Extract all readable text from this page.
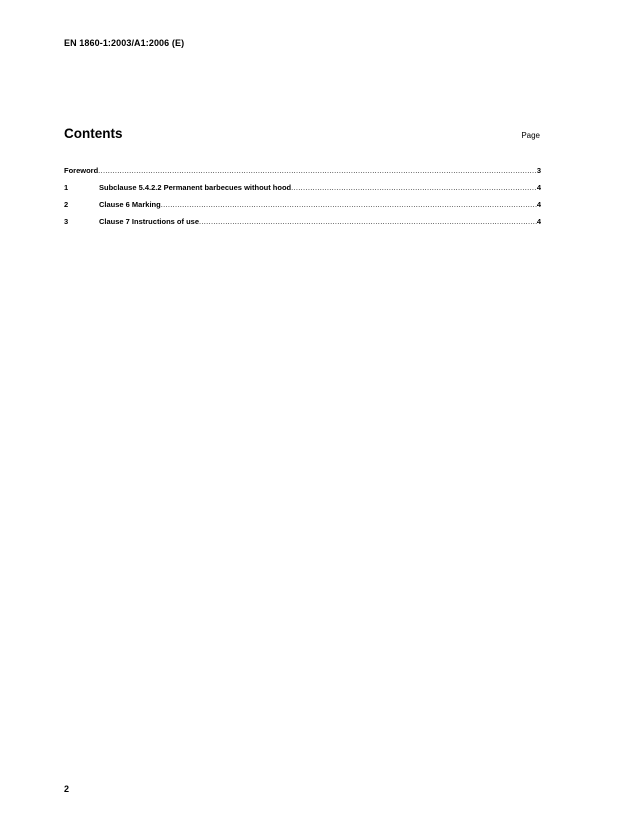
EN 1860-1:2003/A1:2006 (E)
Contents	Page
Foreword .....	3
1	Subclause 5.4.2.2 Permanent barbecues without hood .....	4
2	Clause 6 Marking .....	4
3	Clause 7 Instructions of use .....	4
2
